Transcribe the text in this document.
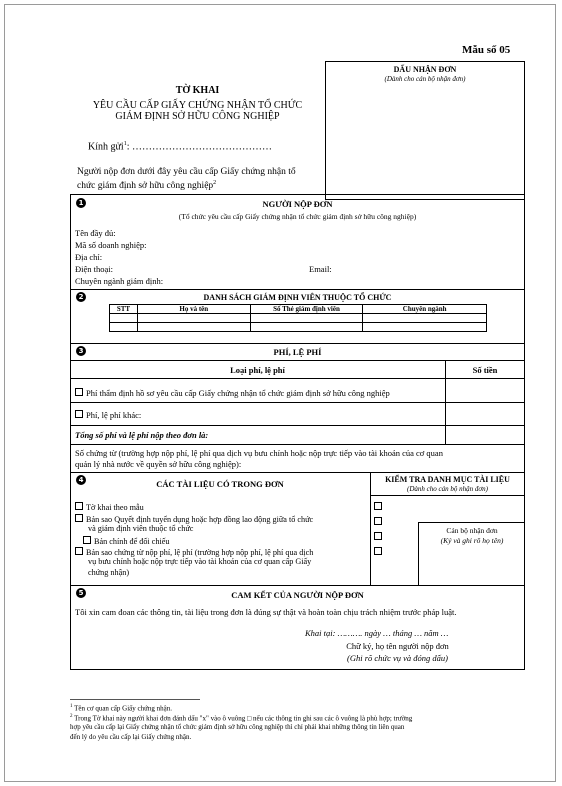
Mẫu số 05
DẤU NHẬN ĐƠN
(Dành cho cán bộ nhận đơn)
TỜ KHAI
YÊU CẦU CẤP GIẤY CHỨNG NHẬN TỔ CHỨC
GIÁM ĐỊNH SỞ HỮU CÔNG NGHIỆP
Kính gửi$^1$: ……………………………………
Người nộp đơn dưới đây yêu cầu cấp Giấy chứng nhận tổ
chức giám định sở hữu công nghiệp$^2$
1	NGƯỜI NỘP ĐƠN
(Tổ chức yêu cầu cấp Giấy chứng nhận tổ chức giám định sở hữu công nghiệp)
Tên đầy đủ:
Mã số doanh nghiệp:
Địa chỉ:
Điện thoại:	Email:
Chuyên ngành giám định:
2	DANH SÁCH GIÁM ĐỊNH VIÊN THUỘC TỔ CHỨC
STT	Họ và tên	Số Thẻ giám định viên	Chuyên ngành

3	PHÍ, LỆ PHÍ
Loại phí, lệ phí	Số tiền
Phí thẩm định hồ sơ yêu cầu cấp Giấy chứng nhận tổ chức giám định sở hữu công nghiệp
Phí, lệ phí khác:
Tổng số phí và lệ phí nộp theo đơn là:
Số chứng từ (trường hợp nộp phí, lệ phí qua dịch vụ bưu chính hoặc nộp trực tiếp vào tài khoản của cơ quan
quản lý nhà nước về quyền sở hữu công nghiệp):
4	CÁC TÀI LIỆU CÓ TRONG ĐƠN	KIỂM TRA DANH MỤC TÀI LIỆU
(Dành cho cán bộ nhận đơn)
Tờ khai theo mẫu
Bản sao Quyết định tuyển dụng hoặc hợp đồng lao động giữa tổ chức
và giám định viên thuộc tổ chức
Bản chính để đối chiếu
Bản sao chứng từ nộp phí, lệ phí (trường hợp nộp phí, lệ phí qua dịch
vụ bưu chính hoặc nộp trực tiếp vào tài khoản của cơ quan cấp Giấy
chứng nhận)
Cán bộ nhận đơn
(Ký và ghi rõ họ tên)
5	CAM KẾT CỦA NGƯỜI NỘP ĐƠN
Tôi xin cam đoan các thông tin, tài liệu trong đơn là đúng sự thật và hoàn toàn chịu trách nhiệm trước pháp luật.
Khai tại: ………. ngày … tháng … năm …
Chữ ký, họ tên người nộp đơn
(Ghi rõ chức vụ và đóng dấu)
$^1$ Tên cơ quan cấp Giấy chứng nhận.
$^2$ Trong Tờ khai này người khai đơn đánh dấu "x" vào ô vuông □ nếu các thông tin ghi sau các ô vuông là phù hợp; trường
hợp yêu cầu cấp lại Giấy chứng nhận tổ chức giám định sở hữu công nghiệp thì chỉ phải khai những thông tin liên quan
đến lý do yêu cầu cấp lại Giấy chứng nhận.
